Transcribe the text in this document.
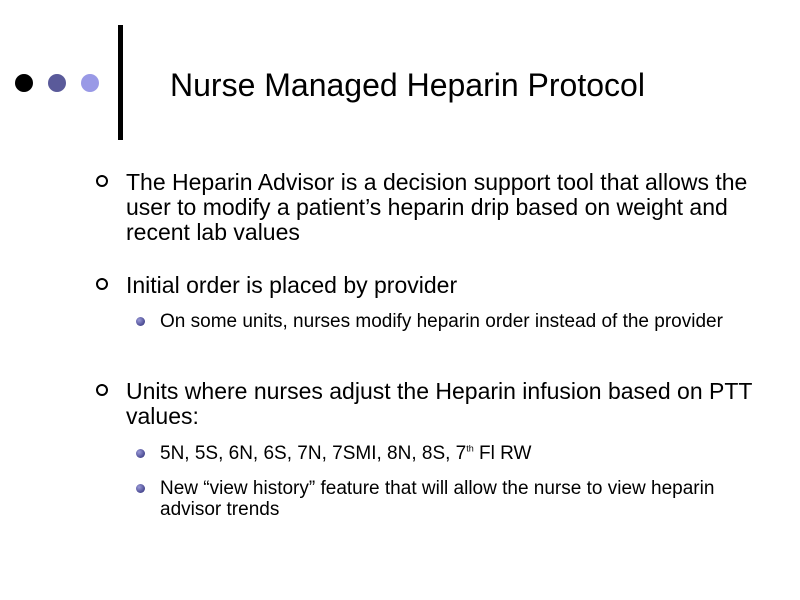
Nurse Managed Heparin Protocol
The Heparin Advisor is a decision support tool that allows the user to modify a patient’s heparin drip based on weight and recent lab values
Initial order is placed by provider
On some units, nurses modify heparin order instead of the provider
Units where nurses adjust the Heparin infusion based on PTT values:
5N, 5S, 6N, 6S, 7N, 7SMI, 8N, 8S, 7th Fl RW
New “view history” feature that will allow the nurse to view heparin advisor trends
